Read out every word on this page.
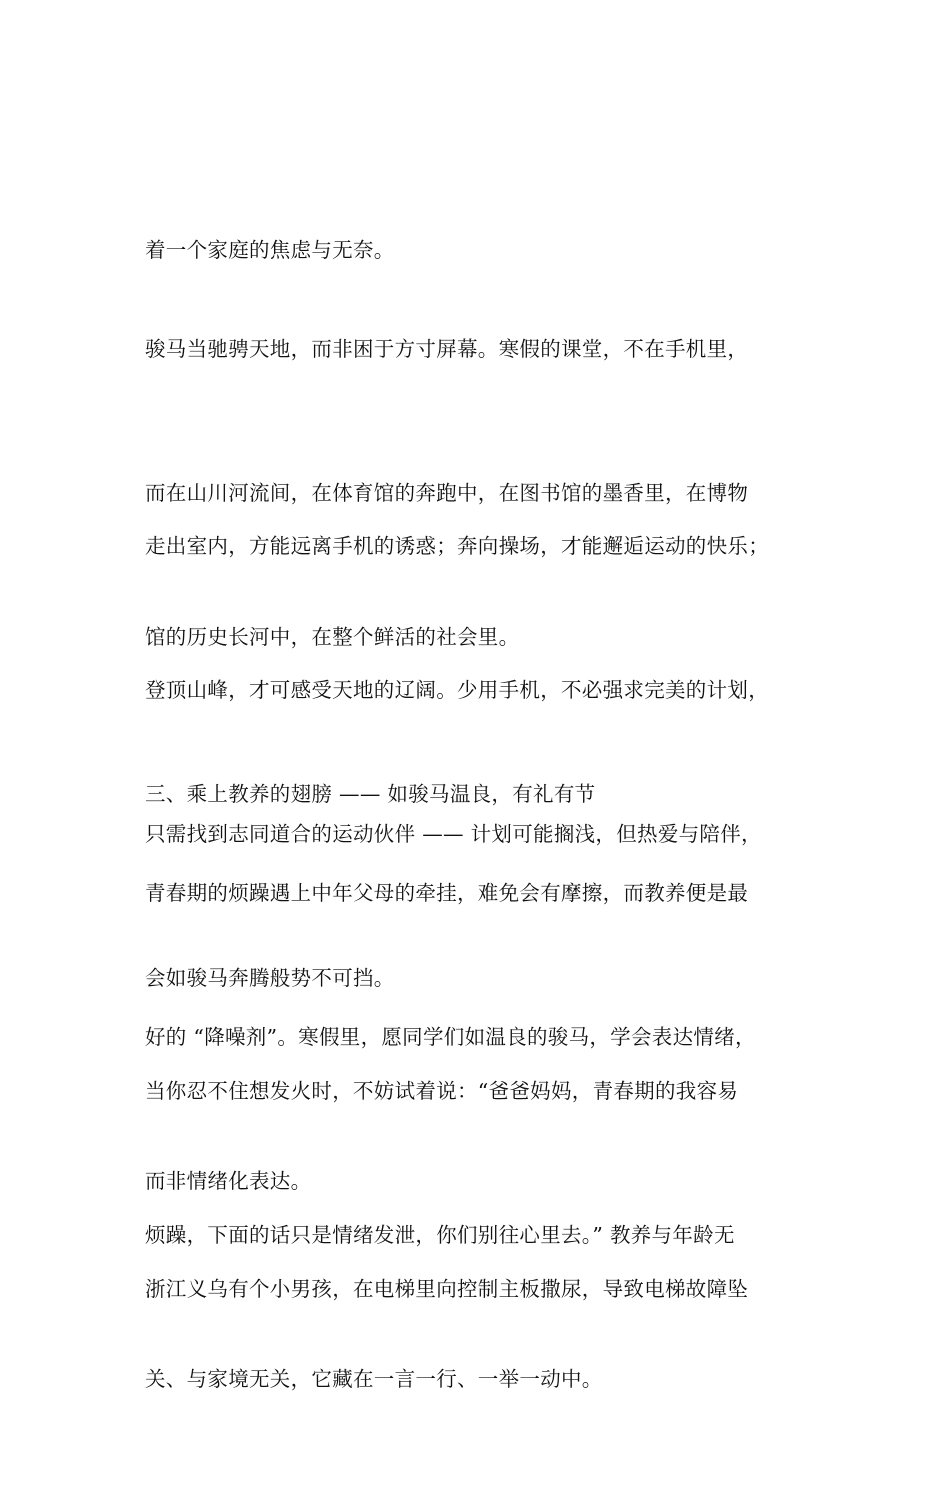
着一个家庭的焦虑与无奈。

骏马当驰骋天地，而非困于方寸屏幕。寒假的课堂，不在手机里，

而在山川河流间，在体育馆的奔跑中，在图书馆的墨香里，在博物

馆的历史长河中，在整个鲜活的社会里。

走出室内，方能远离手机的诱惑；奔向操场，才能邂逅运动的快乐；

登顶山峰，才可感受天地的辽阔。少用手机，不必强求完美的计划，

只需找到志同道合的运动伙伴 —— 计划可能搁浅，但热爱与陪伴，

会如骏马奔腾般势不可挡。

三、乘上教养的翅膀 —— 如骏马温良，有礼有节

青春期的烦躁遇上中年父母的牵挂，难免会有摩擦，而教养便是最

好的 “降噪剂”。寒假里，愿同学们如温良的骏马，学会表达情绪，

而非情绪化表达。

当你忍不住想发火时，不妨试着说：“爸爸妈妈，青春期的我容易

烦躁，下面的话只是情绪发泄，你们别往心里去。” 教养与年龄无

关、与家境无关，它藏在一言一行、一举一动中。

浙江义乌有个小男孩，在电梯里向控制主板撒尿，导致电梯故障坠
